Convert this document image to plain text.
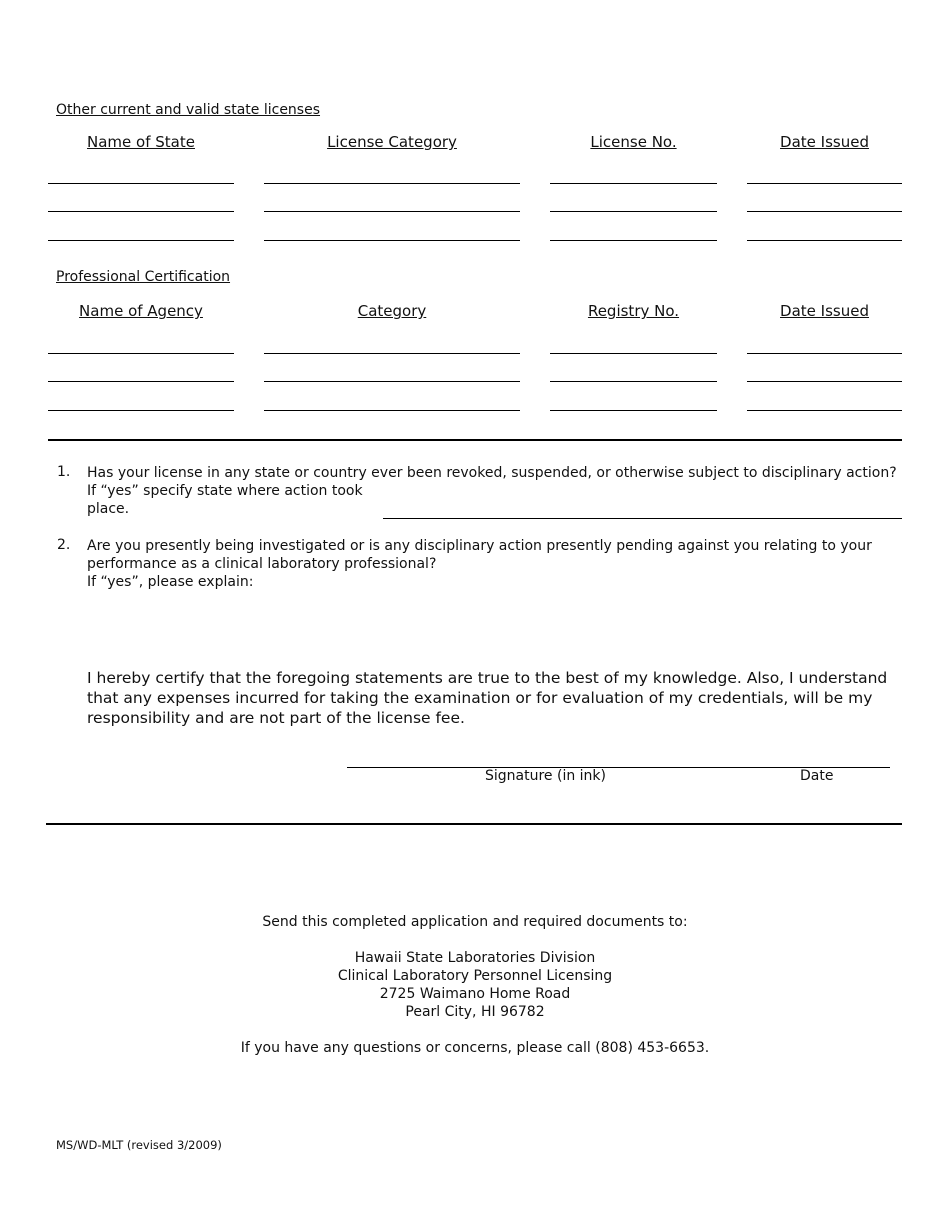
Other current and valid state licenses
Name of State	License Category	License No.	Date Issued
Professional Certification
Name of Agency	Category	Registry No.	Date Issued
1. Has your license in any state or country ever been revoked, suspended, or otherwise subject to disciplinary action?
If “yes” specify state where action took place.
2. Are you presently being investigated or is any disciplinary action presently pending against you relating to your performance as a clinical laboratory professional?
If “yes”, please explain:
I hereby certify that the foregoing statements are true to the best of my knowledge. Also, I understand that any expenses incurred for taking the examination or for evaluation of my credentials, will be my responsibility and are not part of the license fee.
Signature (in ink)	Date
Send this completed application and required documents to:
Hawaii State Laboratories Division
Clinical Laboratory Personnel Licensing
2725 Waimano Home Road
Pearl City, HI 96782
If you have any questions or concerns, please call (808) 453-6653.
MS/WD-MLT (revised 3/2009)
